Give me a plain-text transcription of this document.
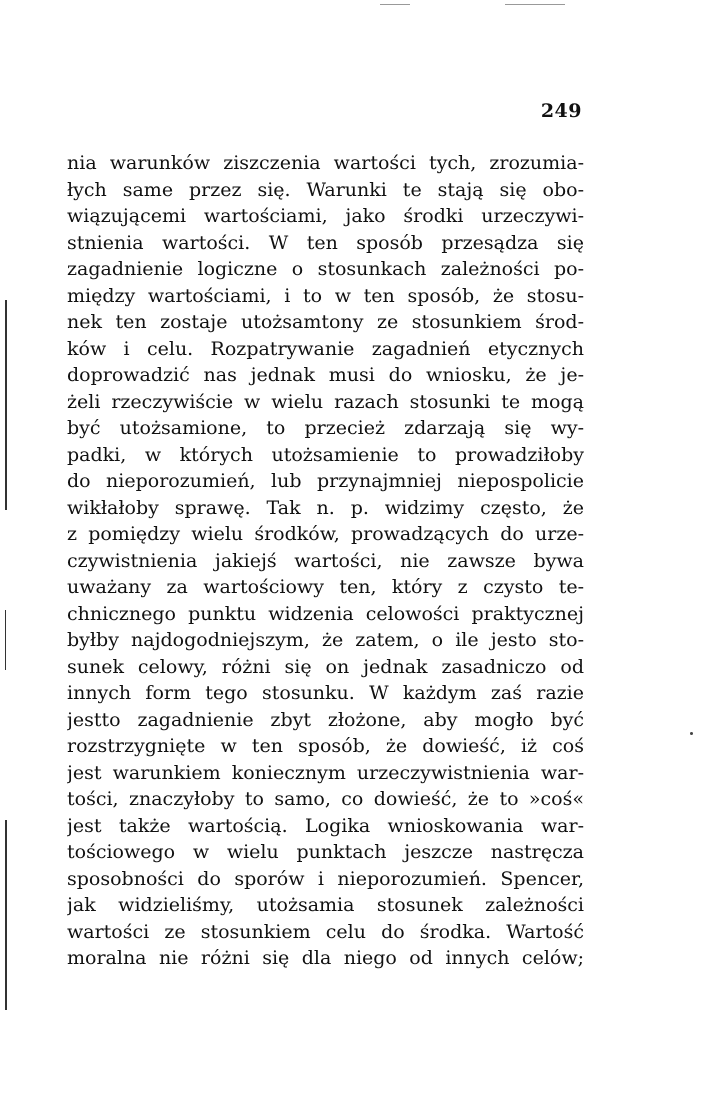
249
nia warunków ziszczenia wartości tych, zrozumia-
łych same przez się. Warunki te stają się obo-
wiązującemi wartościami, jako środki urzeczywi-
stnienia wartości. W ten sposób przesądza się
zagadnienie logiczne o stosunkach zależności po-
między wartościami, i to w ten sposób, że stosu-
nek ten zostaje utożsamtony ze stosunkiem środ-
ków i celu. Rozpatrywanie zagadnień etycznych
doprowadzić nas jednak musi do wniosku, że je-
żeli rzeczywiście w wielu razach stosunki te mogą
być utożsamione, to przecież zdarzają się wy-
padki, w których utożsamienie to prowadziłoby
do nieporozumień, lub przynajmniej niepospolicie
wikłałoby sprawę. Tak n. p. widzimy często, że
z pomiędzy wielu środków, prowadzących do urze-
czywistnienia jakiejś wartości, nie zawsze bywa
uważany za wartościowy ten, który z czysto te-
chnicznego punktu widzenia celowości praktycznej
byłby najdogodniejszym, że zatem, o ile jesto sto-
sunek celowy, różni się on jednak zasadniczo od
innych form tego stosunku. W każdym zaś razie
jestto zagadnienie zbyt złożone, aby mogło być
rozstrzygnięte w ten sposób, że dowieść, iż coś
jest warunkiem koniecznym urzeczywistnienia war-
tości, znaczyłoby to samo, co dowieść, że to »coś«
jest także wartością. Logika wnioskowania war-
tościowego w wielu punktach jeszcze nastręcza
sposobności do sporów i nieporozumień. Spencer,
jak widzieliśmy, utożsamia stosunek zależności
wartości ze stosunkiem celu do środka. Wartość
moralna nie różni się dla niego od innych celów;
